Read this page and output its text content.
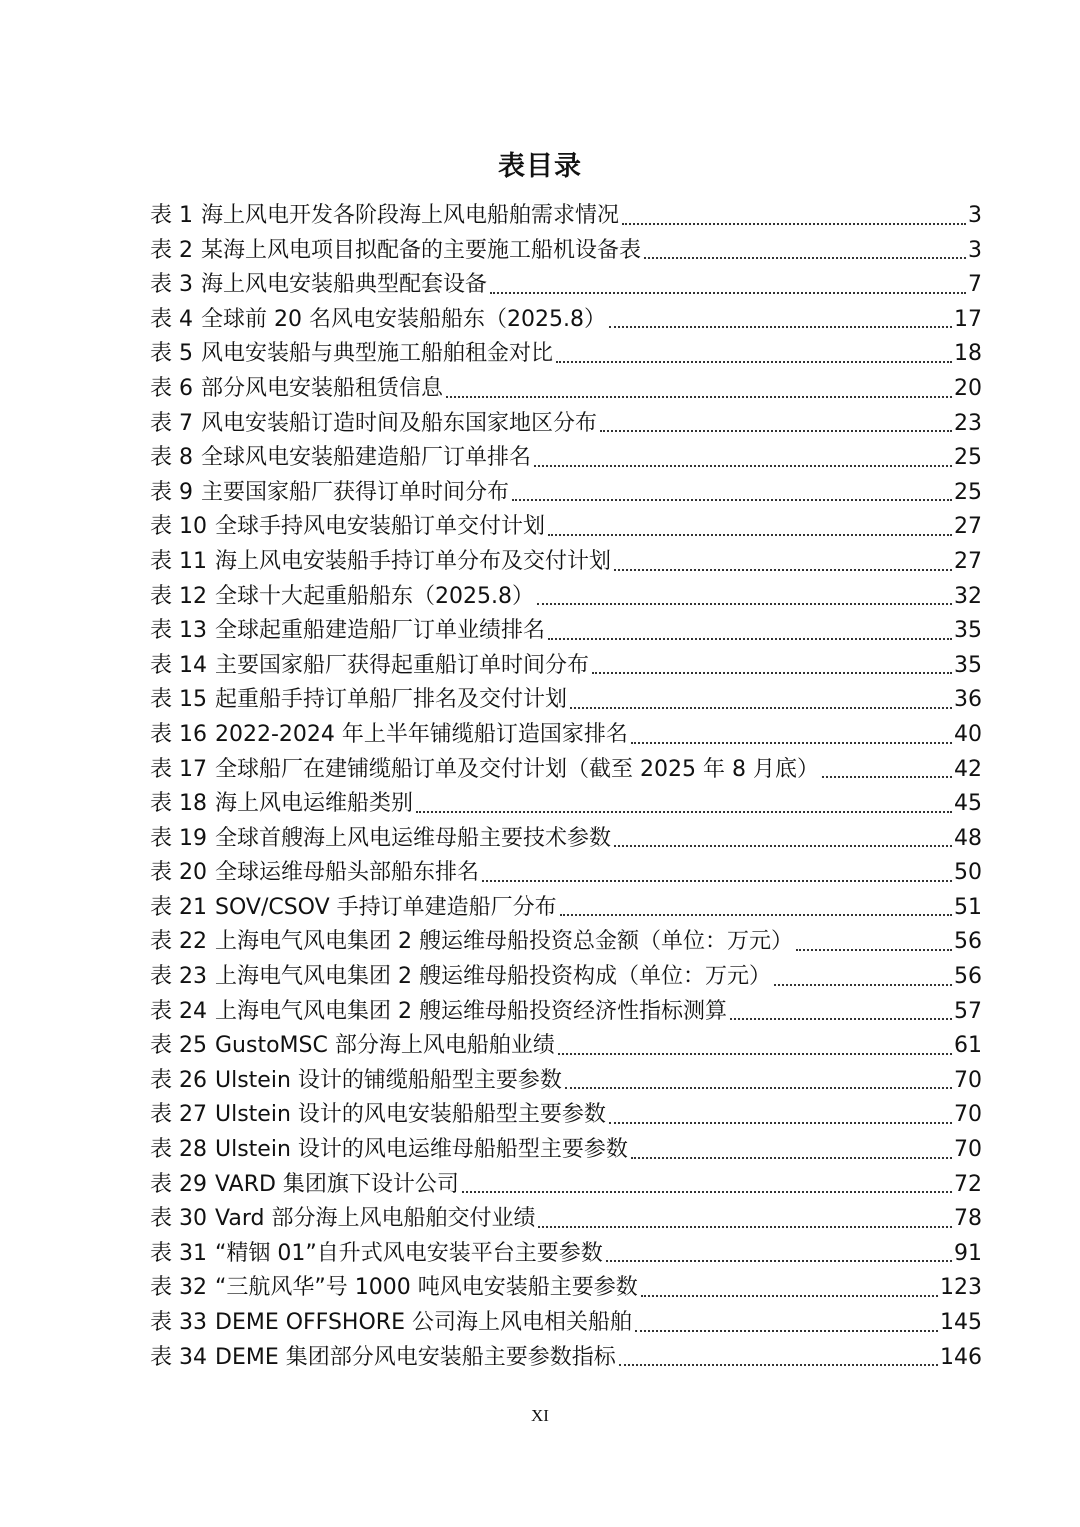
表目录
表 1 海上风电开发各阶段海上风电船舶需求情况	3
表 2 某海上风电项目拟配备的主要施工船机设备表	3
表 3 海上风电安装船典型配套设备	7
表 4 全球前 20 名风电安装船船东（2025.8）	17
表 5 风电安装船与典型施工船舶租金对比	18
表 6 部分风电安装船租赁信息	20
表 7 风电安装船订造时间及船东国家地区分布	23
表 8 全球风电安装船建造船厂订单排名	25
表 9 主要国家船厂获得订单时间分布	25
表 10 全球手持风电安装船订单交付计划	27
表 11 海上风电安装船手持订单分布及交付计划	27
表 12 全球十大起重船船东（2025.8）	32
表 13 全球起重船建造船厂订单业绩排名	35
表 14 主要国家船厂获得起重船订单时间分布	35
表 15 起重船手持订单船厂排名及交付计划	36
表 16 2022-2024 年上半年铺缆船订造国家排名	40
表 17 全球船厂在建铺缆船订单及交付计划（截至 2025 年 8 月底）	42
表 18 海上风电运维船类别	45
表 19 全球首艘海上风电运维母船主要技术参数	48
表 20 全球运维母船头部船东排名	50
表 21 SOV/CSOV 手持订单建造船厂分布	51
表 22 上海电气风电集团 2 艘运维母船投资总金额（单位：万元）	56
表 23 上海电气风电集团 2 艘运维母船投资构成（单位：万元）	56
表 24 上海电气风电集团 2 艘运维母船投资经济性指标测算	57
表 25 GustoMSC 部分海上风电船舶业绩	61
表 26 Ulstein 设计的铺缆船船型主要参数	70
表 27 Ulstein 设计的风电安装船船型主要参数	70
表 28 Ulstein 设计的风电运维母船船型主要参数	70
表 29 VARD 集团旗下设计公司	72
表 30 Vard 部分海上风电船舶交付业绩	78
表 31 “精铟 01”自升式风电安装平台主要参数	91
表 32 “三航风华”号 1000 吨风电安装船主要参数	123
表 33 DEME OFFSHORE 公司海上风电相关船舶	145
表 34 DEME 集团部分风电安装船主要参数指标	146
XI
